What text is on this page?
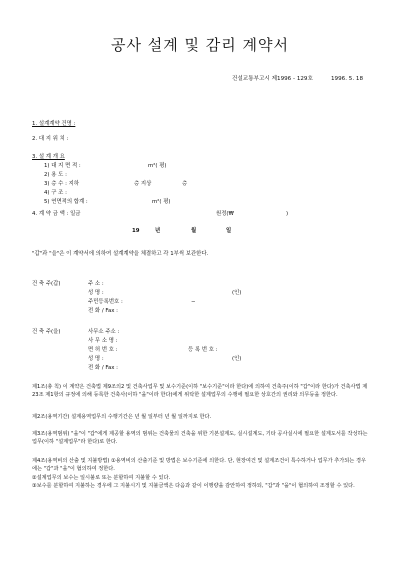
공사 설계 및 감리 계약서
건설교통부고시 제1996 - 129호	1996. 5. 18
1. 설계계약 건명 :
2. 대 지 위 치 :
3. 설 계 개 요
1) 대 지 면 적 :	m²( 평)
2) 용 도 :
3) 층 수 : 지하	층 지상	층
4) 구 조 :
5) 연면적의 합계 :	m²( 평)
4. 계 약 금 액 : 일금	원정(₩	)
19	년	월	일
"갑"과 "을"은 이 계약서에 의하여 설계계약을 체결하고 각 1부씩 보관한다.
건 축 주(갑)	주 소 :
성 명 :	(인)
주민등록번호 :	−
전 화 / Fax :
건 축 주(을)	사무소 주소 :
사 무 소 명 :
면 허 번 호 :	등 록 번 호 :
성 명 :	(인)
전 화 / Fax :
제1조(총 칙) 이 계약은 건축법 제9조의2 및 건축사업무 및 보수기준(이하 "보수기준"이라 한다)에 의하여 건축주(이하 "갑"이라 한다)가 건축사법 제23조 제1항의 규정에 의해 등록한 건축사(이하 "을"이라 한다)에게 위탁한 설계업무의 수행에 필요한 상호간의 권리와 의무등을 정한다.
제2조(용역기간) 설계용역업무의 수행기간은 년 월 일부터 년 월 일까지로 한다.
제3조(용역범위) "을"이 "갑"에게 제공할 용역의 범위는 건축물의 건축을 위한 기본설계도, 실시설계도, 기타 공사실시에 필요한 설계도서를 작성하는 업무(이하 "설계업무"라 한다)로 한다.
제4조(용역비의 산출 및 지불방법) ①용역비의 산출기준 및 방법은 보수기준에 의한다. 단, 현장여건 및 설계조건이 특수하거나 업무가 추가되는 경우에는 "갑"과 "을"이 협의하여 정한다.
②설계업무의 보수는 일시불로 또는 분할하여 지불할 수 있다.
③보수를 분할하여 지불하는 경우에 그 지불시기 및 지불금액은 다음과 같이 이행량을 감안하여 정하되, "갑"과 "을"이 협의하여 조정할 수 있다.
